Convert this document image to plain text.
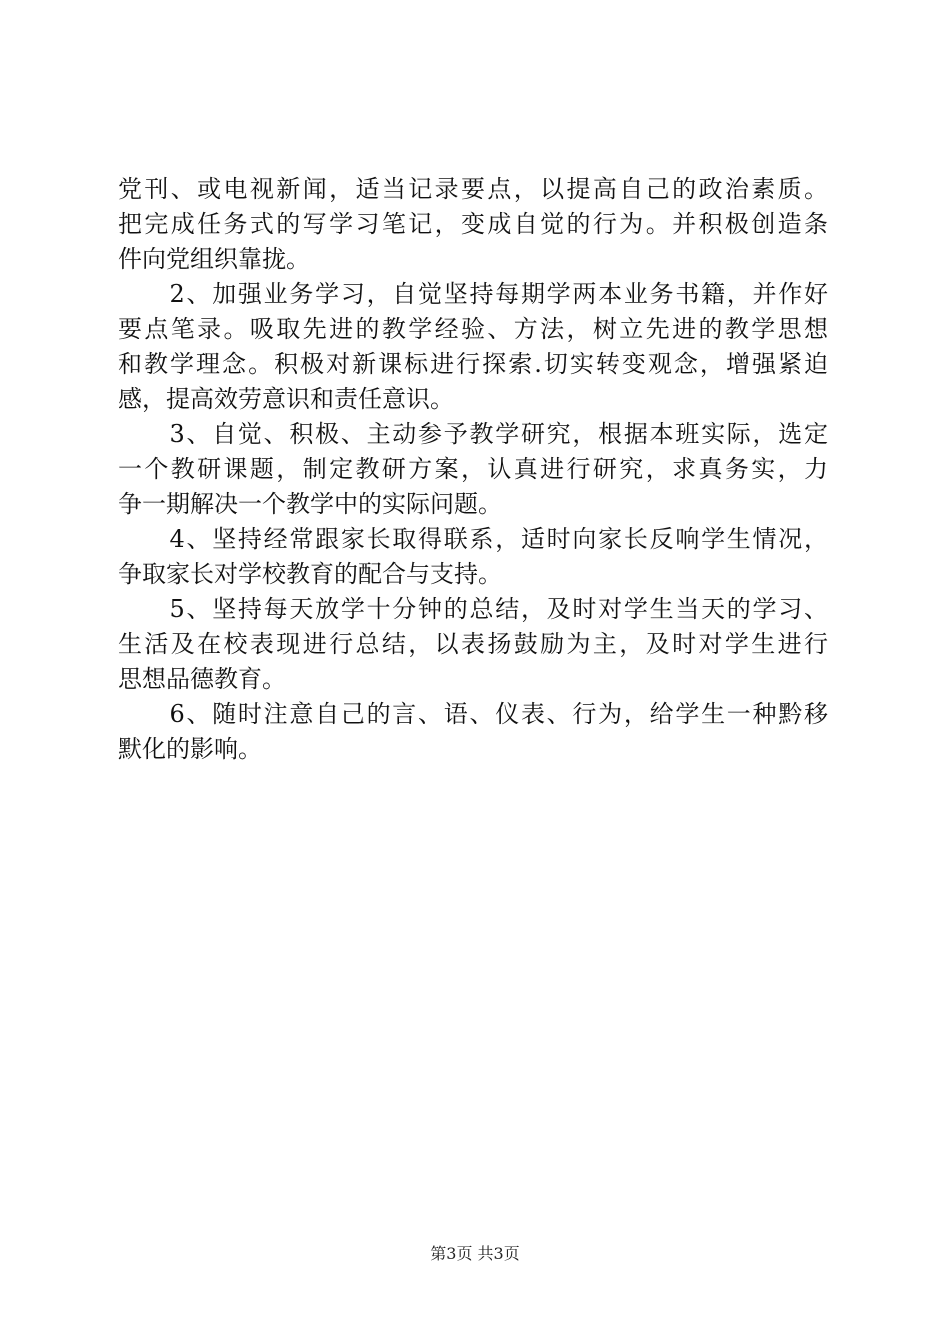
党刊、或电视新闻，适当记录要点，以提高自己的政治素质。
把完成任务式的写学习笔记，变成自觉的行为。并积极创造条
件向党组织靠拢。
　　2、加强业务学习，自觉坚持每期学两本业务书籍，并作好
要点笔录。吸取先进的教学经验、方法，树立先进的教学思想
和教学理念。积极对新课标进行探索.切实转变观念，增强紧迫
感，提高效劳意识和责任意识。
　　3、自觉、积极、主动参予教学研究，根据本班实际，选定
一个教研课题，制定教研方案，认真进行研究，求真务实，力
争一期解决一个教学中的实际问题。
　　4、坚持经常跟家长取得联系，适时向家长反响学生情况，
争取家长对学校教育的配合与支持。
　　5、坚持每天放学十分钟的总结，及时对学生当天的学习、
生活及在校表现进行总结，以表扬鼓励为主，及时对学生进行
思想品德教育。
　　6、随时注意自己的言、语、仪表、行为，给学生一种黔移
默化的影响。
第3页 共3页
